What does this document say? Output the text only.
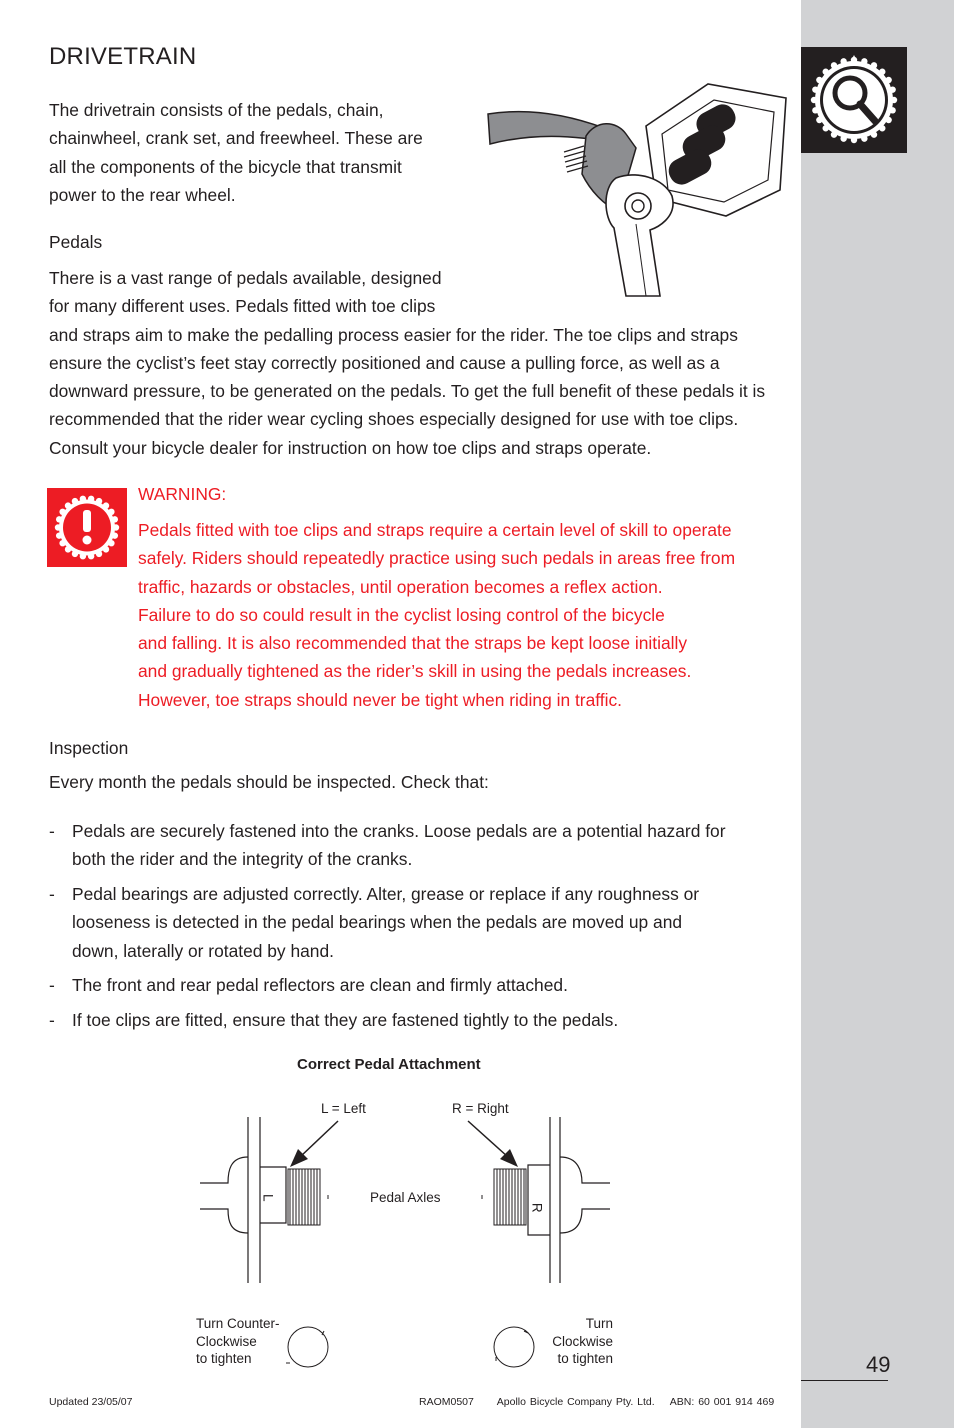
DRIVETRAIN
The drivetrain consists of the pedals, chain, chainwheel, crank set, and freewheel. These are all the components of the bicycle that transmit power to the rear wheel.
Pedals
There is a vast range of pedals available, designed for many different uses. Pedals fitted with toe clips and straps aim to make the pedalling process easier for the rider. The toe clips and straps ensure the cyclist’s feet stay correctly positioned and cause a pulling force, as well as a downward pressure, to be generated on the pedals. To get the full benefit of these pedals it is recommended that the rider wear cycling shoes especially designed for use with toe clips. Consult your bicycle dealer for instruction on how toe clips and straps operate.
WARNING:
Pedals fitted with toe clips and straps require a certain level of skill to operate
safely. Riders should repeatedly practice using such pedals in areas free from
traffic, hazards or obstacles, until operation becomes a reflex action.
Failure to do so could result in the cyclist losing control of the bicycle
and falling. It is also recommended that the straps be kept loose initially
and gradually tightened as the rider’s skill in using the pedals increases.
However, toe straps should never be tight when riding in traffic.
Inspection
Every month the pedals should be inspected. Check that:
- Pedals are securely fastened into the cranks. Loose pedals are a potential hazard for both the rider and the integrity of the cranks.
- Pedal bearings are adjusted correctly. Alter, grease or replace if any roughness or looseness is detected in the pedal bearings when the pedals are moved up and down, laterally or rotated by hand.
- The front and rear pedal reflectors are clean and firmly attached.
- If toe clips are fitted, ensure that they are fastened tightly to the pedals.
Correct Pedal Attachment
L = Left	R = Right
Pedal Axles
L
R
Turn Counter-
Clockwise
to tighten
Turn
Clockwise
to tighten	49
Updated 23/05/07	RAOM0507 Apollo Bicycle Company Pty. Ltd. ABN: 60 001 914 469
